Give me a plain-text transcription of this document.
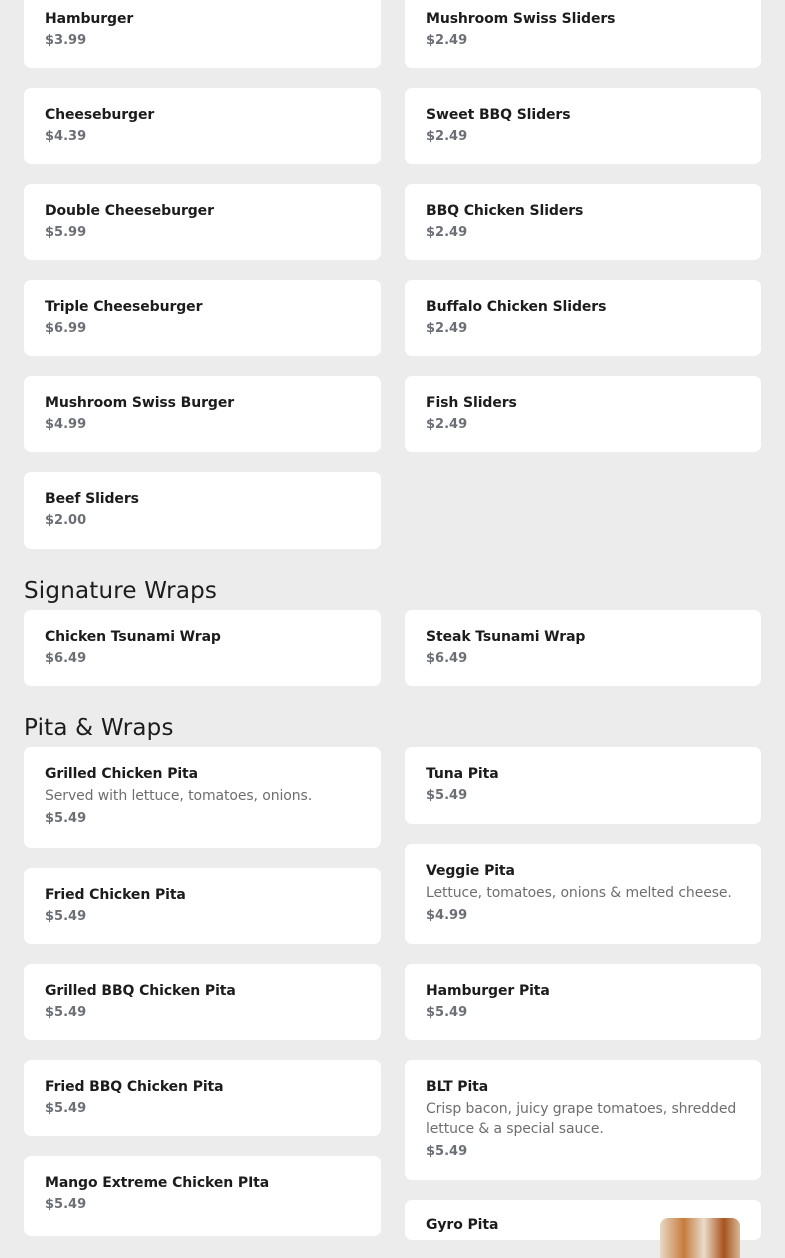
Hamburger
$3.99
Mushroom Swiss Sliders
$2.49
Cheeseburger
$4.39
Sweet BBQ Sliders
$2.49
Double Cheeseburger
$5.99
BBQ Chicken Sliders
$2.49
Triple Cheeseburger
$6.99
Buffalo Chicken Sliders
$2.49
Mushroom Swiss Burger
$4.99
Fish Sliders
$2.49
Beef Sliders
$2.00
Signature Wraps
Chicken Tsunami Wrap
$6.49
Steak Tsunami Wrap
$6.49
Pita & Wraps
Grilled Chicken Pita
Served with lettuce, tomatoes, onions.
$5.49
Fried Chicken Pita
$5.49
Grilled BBQ Chicken Pita
$5.49
Fried BBQ Chicken Pita
$5.49
Mango Extreme Chicken PIta
$5.49
Tuna Pita
$5.49
Veggie Pita
Lettuce, tomatoes, onions & melted cheese.
$4.99
Hamburger Pita
$5.49
BLT Pita
Crisp bacon, juicy grape tomatoes, shredded lettuce & a special sauce.
$5.49
Gyro Pita
